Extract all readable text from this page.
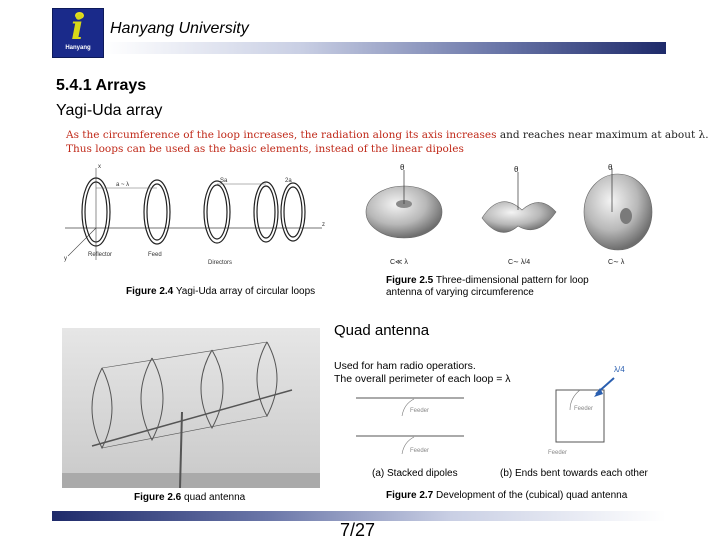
i
Hanyang
Hanyang University
5.4.1 Arrays
Yagi-Uda array
As the circumference of the loop increases, the radiation along its axis increases and reaches near maximum at about λ.
Thus loops can be used as the basic elements, instead of the linear dipoles
a ~ λ
Sa	2a
x
y
z
Reflector	Feed
Directors
Figure 2.4 Yagi-Uda array of circular loops
θ	θ	θ
C≪ λ	C∼ λ/4	C∼ λ
Figure 2.5 Three-dimensional pattern for loop antenna of varying circumference
Quad antenna
Used for ham radio operatiors.
The overall perimeter of each loop = λ
Figure 2.6 quad antenna
Feeder
Feeder
Feeder
Feeder
λ/4
(a) Stacked dipoles	(b) Ends bent towards each other
Figure 2.7 Development of the (cubical) quad antenna
7/27
